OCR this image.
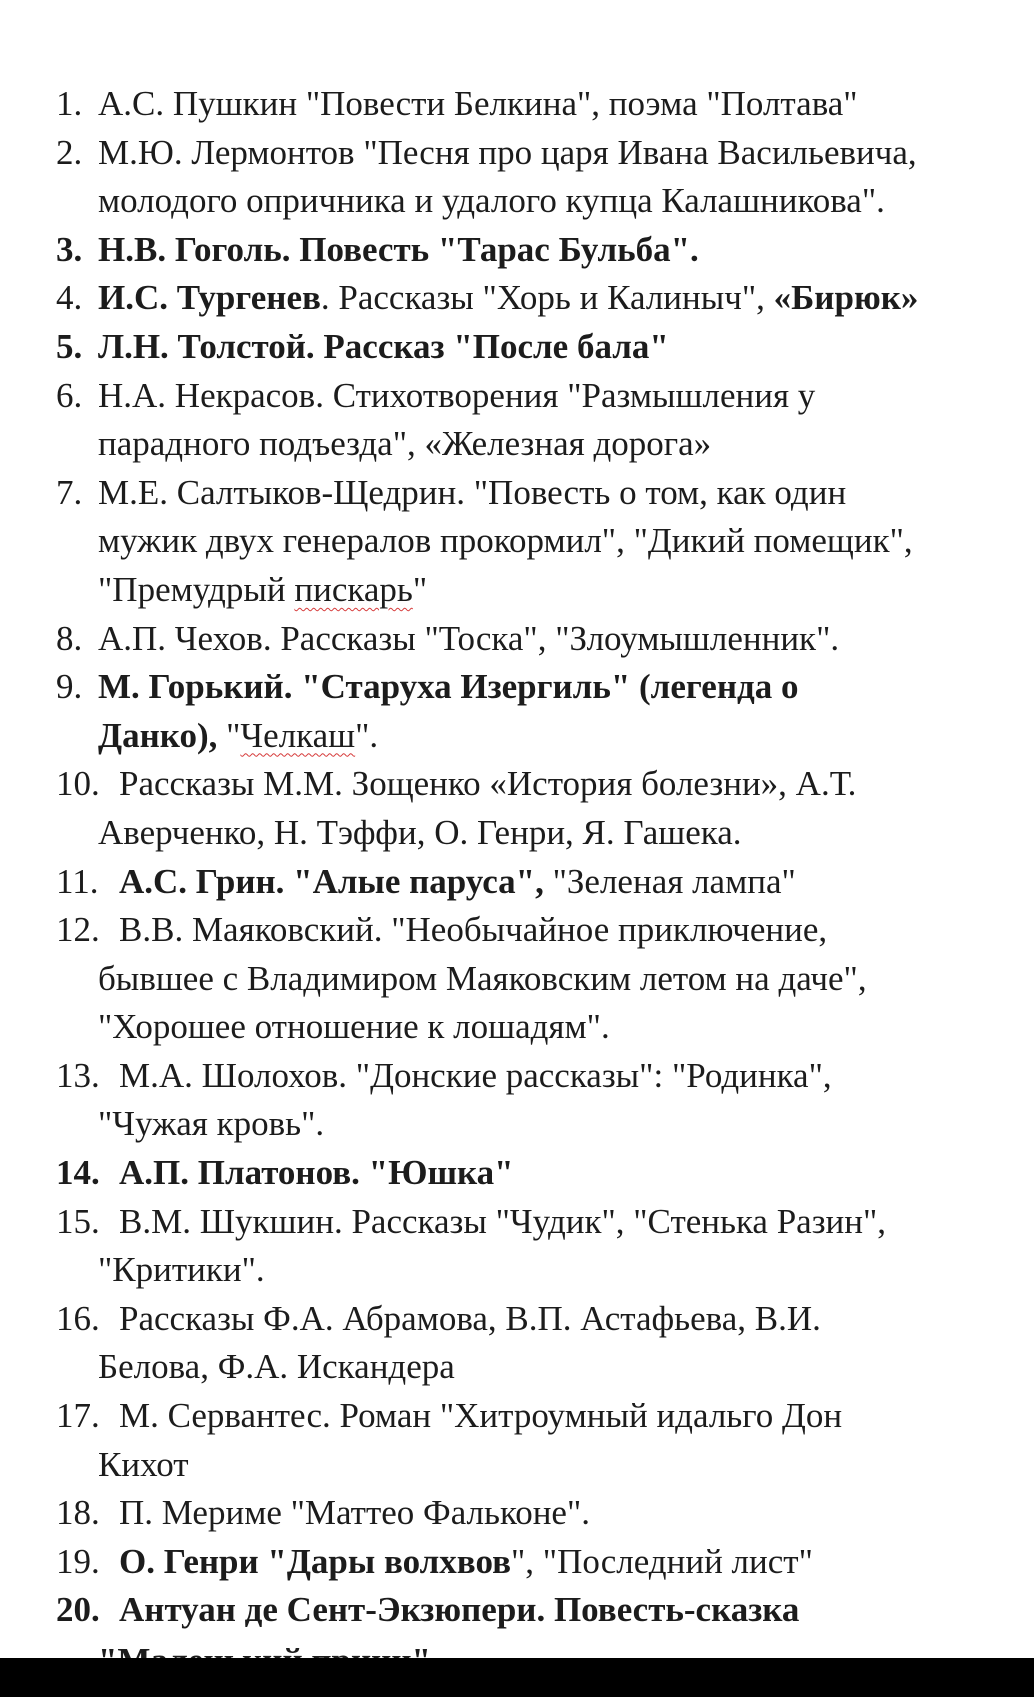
1. А.С. Пушкин "Повести Белкина", поэма "Полтава"
2. М.Ю. Лермонтов "Песня про царя Ивана Васильевича,
молодого опричника и удалого купца Калашникова".
3. Н.В. Гоголь. Повесть "Тарас Бульба".
4. И.С. Тургенев. Рассказы "Хорь и Калиныч", «Бирюк»
5. Л.Н. Толстой. Рассказ "После бала"
6. Н.А. Некрасов. Стихотворения "Размышления у
парадного подъезда", «Железная дорога»
7. М.Е. Салтыков-Щедрин. "Повесть о том, как один
мужик двух генералов прокормил", "Дикий помещик",
"Премудрый пискарь"
8. А.П. Чехов. Рассказы "Тоска", "Злоумышленник".
9. М. Горький. "Старуха Изергиль" (легенда о
Данко), "Челкаш".
10. Рассказы М.М. Зощенко «История болезни», А.Т.
Аверченко, Н. Тэффи, О. Генри, Я. Гашека.
11. А.С. Грин. "Алые паруса", "Зеленая лампа"
12. В.В. Маяковский. "Необычайное приключение,
бывшее с Владимиром Маяковским летом на даче",
"Хорошее отношение к лошадям".
13. М.А. Шолохов. "Донские рассказы": "Родинка",
"Чужая кровь".
14. А.П. Платонов. "Юшка"
15. В.М. Шукшин. Рассказы "Чудик", "Стенька Разин",
"Критики".
16. Рассказы Ф.А. Абрамова, В.П. Астафьева, В.И.
Белова, Ф.А. Искандера
17. М. Сервантес. Роман "Хитроумный идальго Дон
Кихот
18. П. Мериме "Маттео Фальконе".
19. О. Генри "Дары волхвов", "Последний лист"
20. Антуан де Сент-Экзюпери. Повесть-сказка
